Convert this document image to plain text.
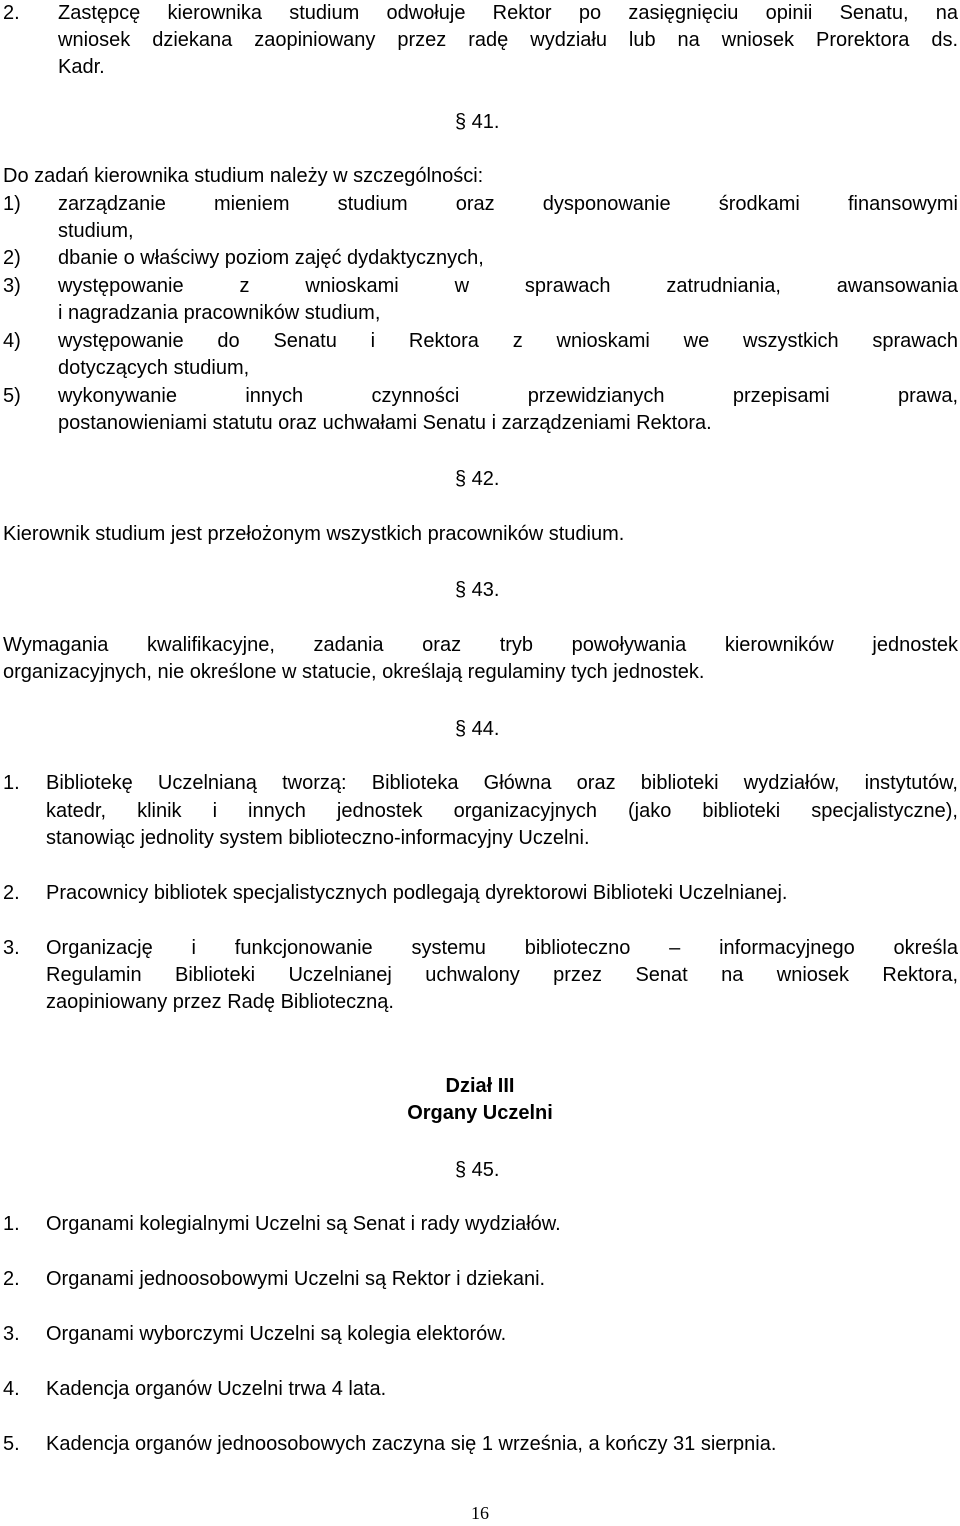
2. Zastępcę kierownika studium odwołuje Rektor po zasięgnięciu opinii Senatu, na
wniosek dziekana zaopiniowany przez radę wydziału lub na wniosek Prorektora ds.
Kadr.
§ 41.
Do zadań kierownika studium należy w szczególności:
1) zarządzanie mieniem studium oraz dysponowanie środkami finansowymi
studium,
2) dbanie o właściwy poziom zajęć dydaktycznych,
3) występowanie z wnioskami w sprawach zatrudniania, awansowania
i nagradzania pracowników studium,
4) występowanie do Senatu i Rektora z wnioskami we wszystkich sprawach
dotyczących studium,
5) wykonywanie innych czynności przewidzianych przepisami prawa,
postanowieniami statutu oraz uchwałami Senatu i zarządzeniami Rektora.
§ 42.
Kierownik studium jest przełożonym wszystkich pracowników studium.
§ 43.
Wymagania kwalifikacyjne, zadania oraz tryb powoływania kierowników jednostek
organizacyjnych, nie określone w statucie, określają regulaminy tych jednostek.
§ 44.
1. Bibliotekę Uczelnianą tworzą: Biblioteka Główna oraz biblioteki wydziałów, instytutów,
katedr, klinik i innych jednostek organizacyjnych (jako biblioteki specjalistyczne),
stanowiąc jednolity system biblioteczno-informacyjny Uczelni.
2. Pracownicy bibliotek specjalistycznych podlegają dyrektorowi Biblioteki Uczelnianej.
3. Organizację i funkcjonowanie systemu biblioteczno – informacyjnego określa
Regulamin Biblioteki Uczelnianej uchwalony przez Senat na wniosek Rektora,
zaopiniowany przez Radę Biblioteczną.
Dział III
Organy Uczelni
§ 45.
1. Organami kolegialnymi Uczelni są Senat i rady wydziałów.
2. Organami jednoosobowymi Uczelni są Rektor i dziekani.
3. Organami wyborczymi Uczelni są kolegia elektorów.
4. Kadencja organów Uczelni trwa 4 lata.
5. Kadencja organów jednoosobowych zaczyna się 1 września, a kończy 31 sierpnia.
16
